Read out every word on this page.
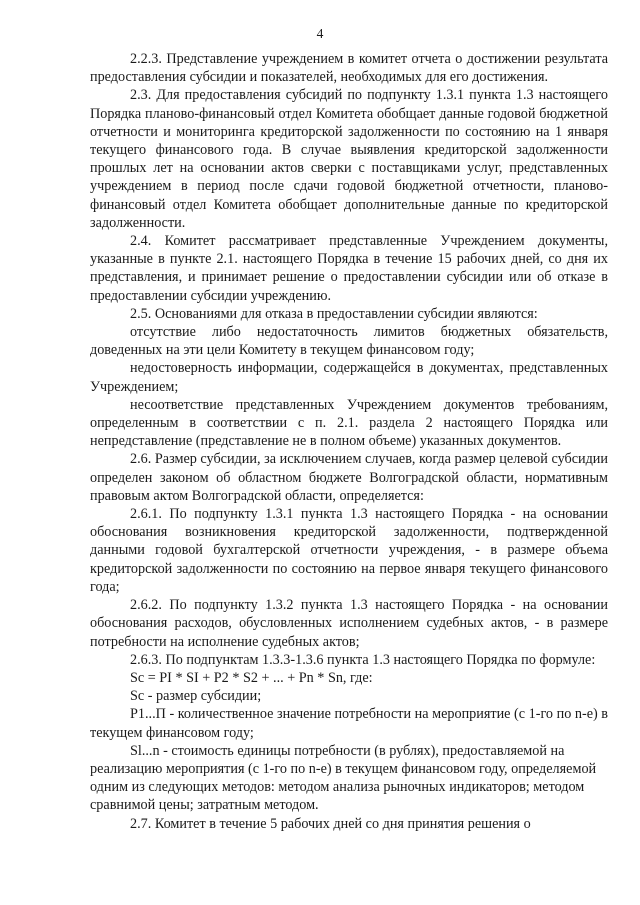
4

2.2.3. Представление учреждением в комитет отчета о достижении результата предоставления субсидии и показателей, необходимых для его достижения.

2.3. Для предоставления субсидий по подпункту 1.3.1 пункта 1.3 настоящего Порядка планово-финансовый отдел Комитета обобщает данные годовой бюджетной отчетности и мониторинга кредиторской задолженности по состоянию на 1 января текущего финансового года. В случае выявления кредиторской задолженности прошлых лет на основании актов сверки с поставщиками услуг, представленных учреждением в период после сдачи годовой бюджетной отчетности, планово-финансовый отдел Комитета обобщает дополнительные данные по кредиторской задолженности.

2.4. Комитет рассматривает представленные Учреждением документы, указанные в пункте 2.1. настоящего Порядка в течение 15 рабочих дней, со дня их представления, и принимает решение о предоставлении субсидии или об отказе в предоставлении субсидии учреждению.

2.5. Основаниями для отказа в предоставлении субсидии являются:

отсутствие либо недостаточность лимитов бюджетных обязательств, доведенных на эти цели Комитету в текущем финансовом году;

недостоверность информации, содержащейся в документах, представленных Учреждением;

несоответствие представленных Учреждением документов требованиям, определенным в соответствии с п. 2.1. раздела 2 настоящего Порядка или непредставление (представление не в полном объеме) указанных документов.

2.6. Размер субсидии, за исключением случаев, когда размер целевой субсидии определен законом об областном бюджете Волгоградской области, нормативным правовым актом Волгоградской области, определяется:

2.6.1. По подпункту 1.3.1 пункта 1.3 настоящего Порядка - на основании обоснования возникновения кредиторской задолженности, подтвержденной данными годовой бухгалтерской отчетности учреждения, - в размере объема кредиторской задолженности по состоянию на первое января текущего финансового года;

2.6.2. По подпункту 1.3.2 пункта 1.3 настоящего Порядка - на основании обоснования расходов, обусловленных исполнением судебных актов, - в размере потребности на исполнение судебных актов;

2.6.3. По подпунктам 1.3.3-1.3.6 пункта 1.3 настоящего Порядка по формуле:

Sc = PI * SI + P2 * S2 + ... + Pn * Sn, где:

Sc - размер субсидии;

P1...П - количественное значение потребности на мероприятие (с 1-го по n-е) в текущем финансовом году;

Sl...n - стоимость единицы потребности (в рублях), предоставляемой на реализацию мероприятия (с 1-го по n-е) в текущем финансовом году, определяемой одним из следующих методов: методом анализа рыночных индикаторов; методом сравнимой цены; затратным методом.

2.7. Комитет в течение 5 рабочих дней со дня принятия решения о
